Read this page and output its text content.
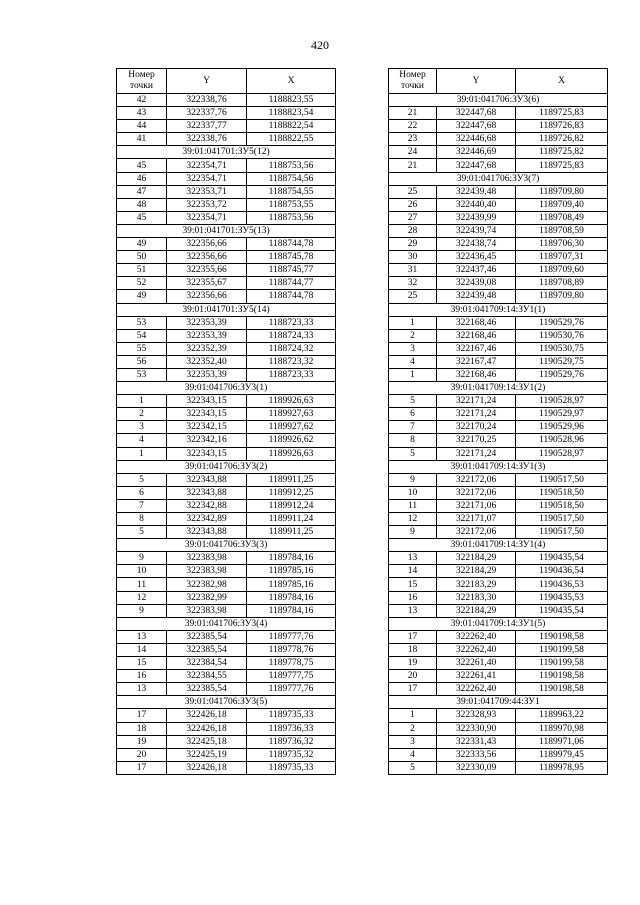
420
Номер
точки	Y	X
42	322338,76	1188823,55
43	322337,76	1188823,54
44	322337,77	1188822,54
41	322338,76	1188822,55
39:01:041701:ЗУ5(12)		
45	322354,71	1188753,56
46	322354,71	1188754,56
47	322353,71	1188754,55
48	322353,72	1188753,55
45	322354,71	1188753,56
39:01:041701:ЗУ5(13)		
49	322356,66	1188744,78
50	322356,66	1188745,78
51	322355,66	1188745,77
52	322355,67	1188744,77
49	322356,66	1188744,78
39:01:041701:ЗУ5(14)		
53	322353,39	1188723,33
54	322353,39	1188724,33
55	322352,39	1188724,32
56	322352,40	1188723,32
53	322353,39	1188723,33
39:01:041706:ЗУ3(1)		
1	322343,15	1189926,63
2	322343,15	1189927,63
3	322342,15	1189927,62
4	322342,16	1189926,62
1	322343,15	1189926,63
39:01:041706:ЗУ3(2)		
5	322343,88	1189911,25
6	322343,88	1189912,25
7	322342,88	1189912,24
8	322342,89	1189911,24
5	322343,88	1189911,25
39:01:041706:ЗУ3(3)		
9	322383,98	1189784,16
10	322383,98	1189785,16
11	322382,98	1189785,16
12	322382,99	1189784,16
9	322383,98	1189784,16
39:01:041706:ЗУ3(4)		
13	322385,54	1189777,76
14	322385,54	1189778,76
15	322384,54	1189778,75
16	322384,55	1189777,75
13	322385,54	1189777,76
39:01:041706:ЗУ3(5)		
17	322426,18	1189735,33
18	322426,18	1189736,33
19	322425,18	1189736,32
20	322425,19	1189735,32
17	322426,18	1189735,33
Номер
точки	Y	X
39:01:041706:ЗУ3(6)		
21	322447,68	1189725,83
22	322447,68	1189726,83
23	322446,68	1189726,82
24	322446,69	1189725,82
21	322447,68	1189725,83
39:01:041706:ЗУ3(7)		
25	322439,48	1189709,80
26	322440,40	1189709,40
27	322439,99	1189708,49
28	322439,74	1189708,59
29	322438,74	1189706,30
30	322436,45	1189707,31
31	322437,46	1189709,60
32	322439,08	1189708,89
25	322439,48	1189709,80
39:01:041709:14:ЗУ1(1)		
1	322168,46	1190529,76
2	322168,46	1190530,76
3	322167,46	1190530,75
4	322167,47	1190529,75
1	322168,46	1190529,76
39:01:041709:14:ЗУ1(2)		
5	322171,24	1190528,97
6	322171,24	1190529,97
7	322170,24	1190529,96
8	322170,25	1190528,96
5	322171,24	1190528,97
39:01:041709:14:ЗУ1(3)		
9	322172,06	1190517,50
10	322172,06	1190518,50
11	322171,06	1190518,50
12	322171,07	1190517,50
9	322172,06	1190517,50
39:01:041709:14:ЗУ1(4)		
13	322184,29	1190435,54
14	322184,29	1190436,54
15	322183,29	1190436,53
16	322183,30	1190435,53
13	322184,29	1190435,54
39:01:041709:14:ЗУ1(5)		
17	322262,40	1190198,58
18	322262,40	1190199,58
19	322261,40	1190199,58
20	322261,41	1190198,58
17	322262,40	1190198,58
39:01:041709:44:ЗУ1		
1	322328,93	1189963,22
2	322330,90	1189970,98
3	322331,43	1189971,06
4	322333,56	1189979,45
5	322330,09	1189978,95
